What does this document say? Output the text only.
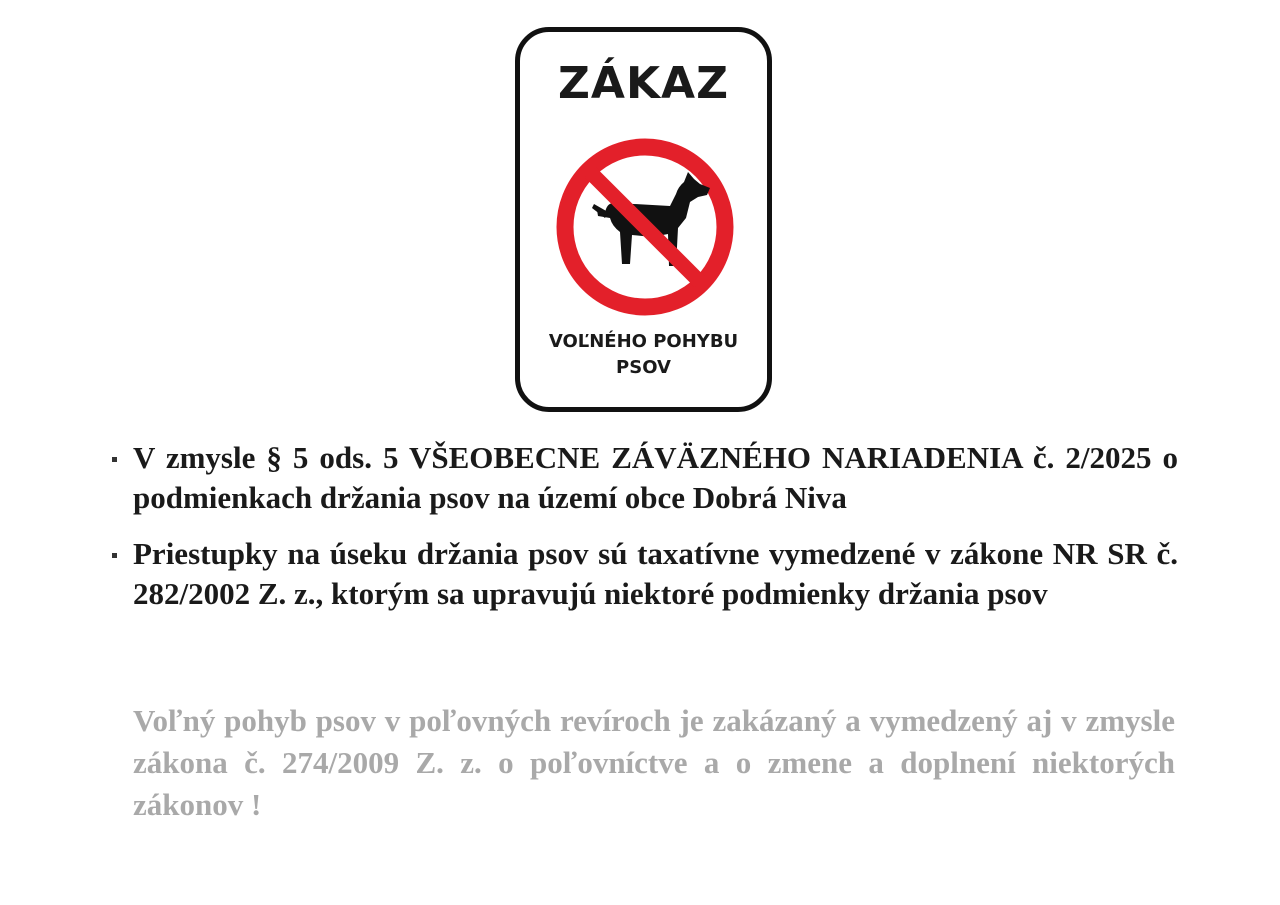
ZÁKAZ
VOĽNÉHO POHYBU
PSOV
V zmysle § 5 ods. 5 VŠEOBECNE ZÁVÄZNÉHO NARIADENIA č. 2/2025 o podmienkach držania psov na území obce Dobrá Niva
Priestupky na úseku držania psov sú taxatívne vymedzené v zákone NR SR č. 282/2002 Z. z., ktorým sa upravujú niektoré podmienky držania psov

Voľný pohyb psov v poľovných revíroch je zakázaný a vymedzený aj v zmysle zákona č. 274/2009 Z. z. o poľovníctve a o zmene a doplnení niektorých zákonov !
